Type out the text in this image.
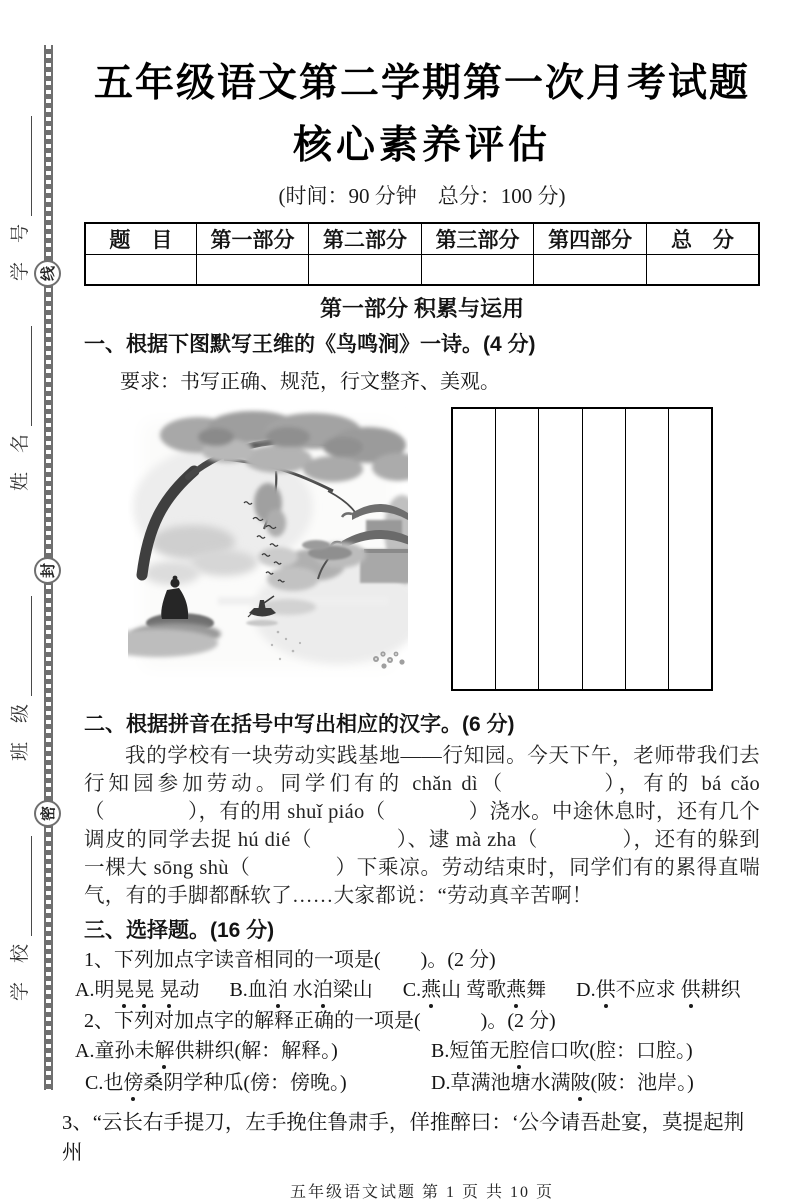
学　号 线
姓　名
封
班　级
密
学　校
五年级语文第二学期第一次月考试题
核心素养评估
(时间：90 分钟　总分：100 分)
题　目	第一部分	第二部分	第三部分	第四部分	总　分

第一部分 积累与运用
一、根据下图默写王维的《鸟鸣涧》一诗。(4 分)
要求：书写正确、规范，行文整齐、美观。
二、根据拼音在括号中写出相应的汉字。(6 分)
我的学校有一块劳动实践基地——行知园。今天下午，老师带我们去行知园参加劳动。同学们有的 chǎn dì（　　　　），有的 bá cǎo（　　　　），有的用 shuǐ piáo（　　　　）浇水。中途休息时，还有几个调皮的同学去捉 hú dié（　　　　）、逮 mà zha（　　　　），还有的躲到一棵大 sōng shù（　　　　）下乘凉。劳动结束时，同学们有的累得直喘气，有的手脚都酥软了……大家都说：“劳动真辛苦啊！
三、选择题。(16 分)
1、下列加点字读音相同的一项是(　　)。(2 分)
A.明晃晃 晃动 B.血泊 水泊梁山 C.燕山 莺歌燕舞 D.供不应求 供耕织
2、下列对加点字的解释正确的一项是(　　　)。(2 分)
A.童孙未解供耕织(解：解释。)	B.短笛无腔信口吹(腔：口腔。)
C.也傍桑阴学种瓜(傍：傍晚。)	D.草满池塘水满陂(陂：池岸。)
3、“云长右手提刀，左手挽住鲁肃手，佯推醉曰：‘公今请吾赴宴，莫提起荆州
五年级语文试题 第 1 页 共 10 页
